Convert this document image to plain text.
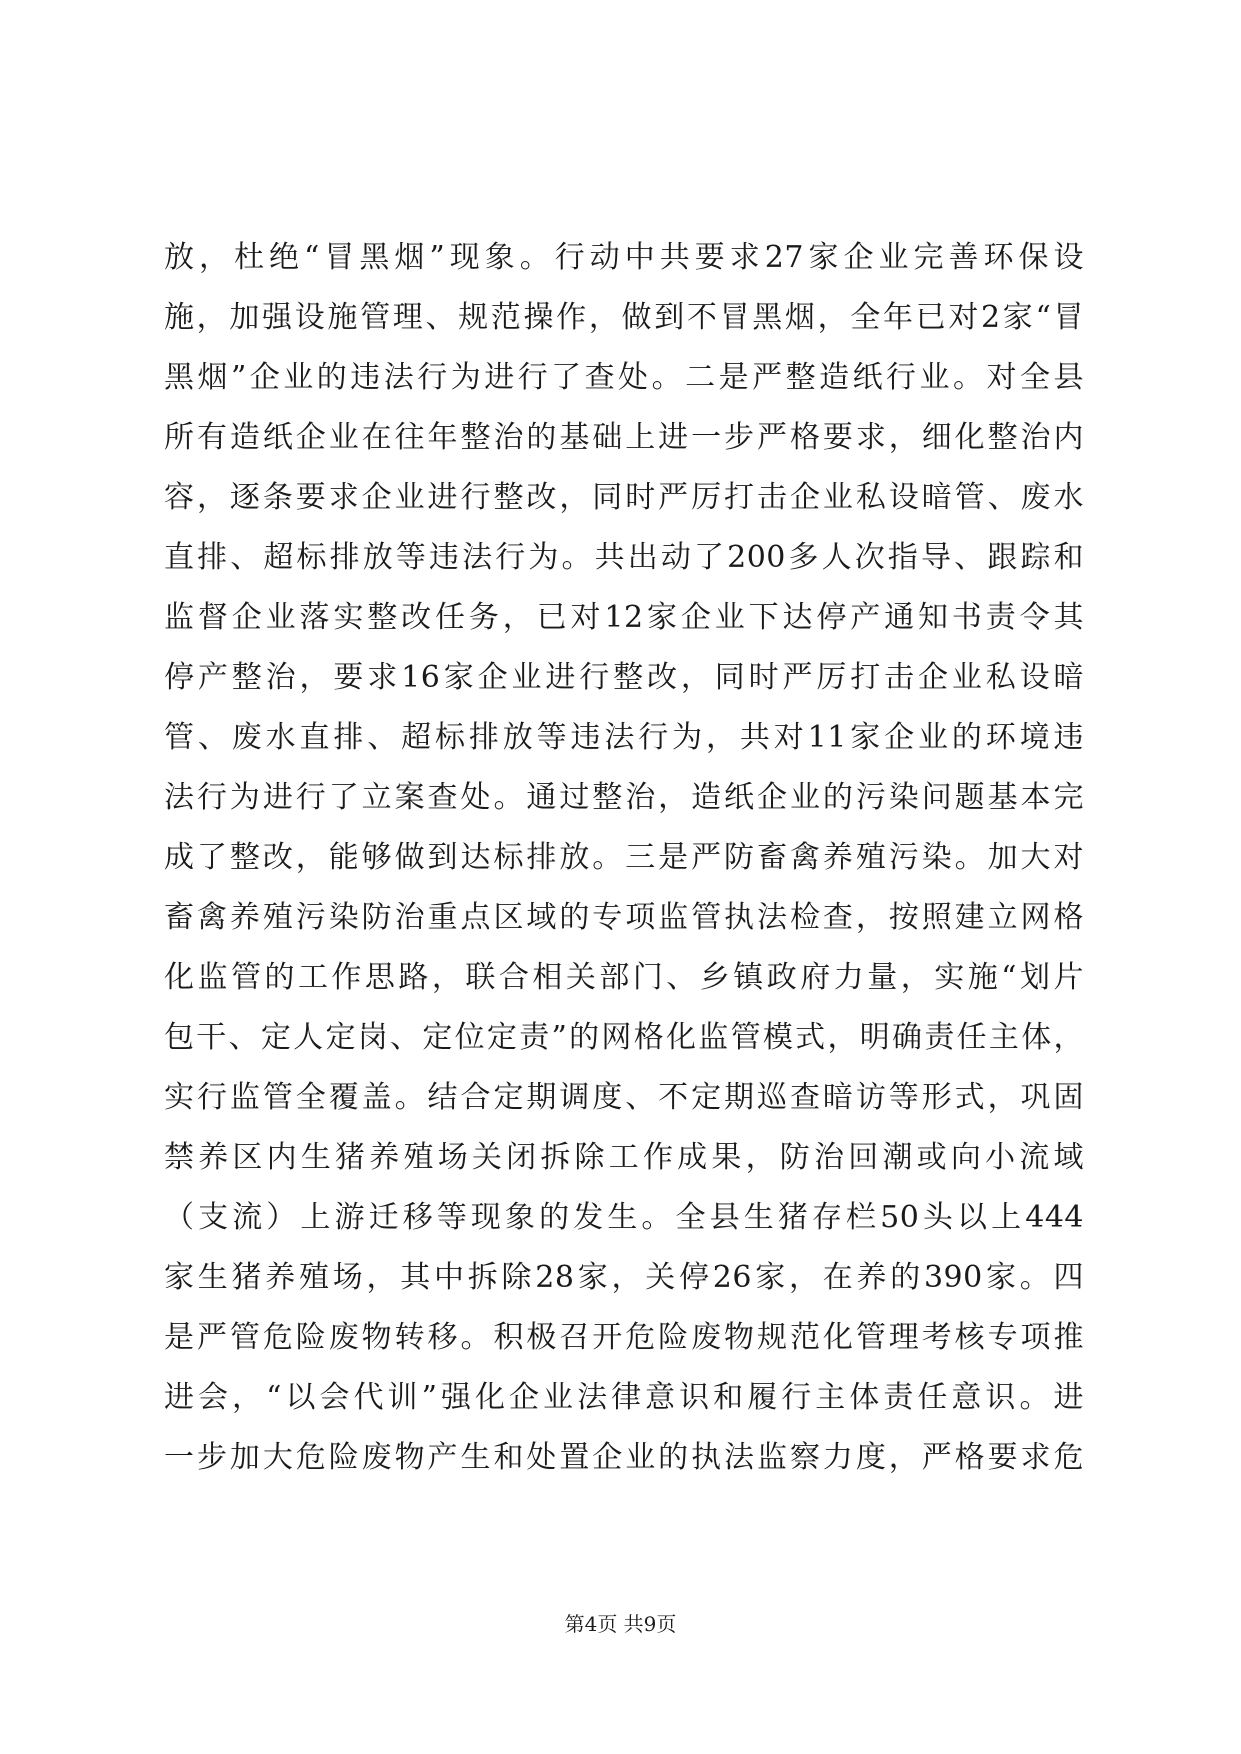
放，杜绝“冒黑烟”现象。行动中共要求27家企业完善环保设
施，加强设施管理、规范操作，做到不冒黑烟，全年已对2家“冒
黑烟”企业的违法行为进行了查处。二是严整造纸行业。对全县
所有造纸企业在往年整治的基础上进一步严格要求，细化整治内
容，逐条要求企业进行整改，同时严厉打击企业私设暗管、废水
直排、超标排放等违法行为。共出动了200多人次指导、跟踪和
监督企业落实整改任务，已对12家企业下达停产通知书责令其
停产整治，要求16家企业进行整改，同时严厉打击企业私设暗
管、废水直排、超标排放等违法行为，共对11家企业的环境违
法行为进行了立案查处。通过整治，造纸企业的污染问题基本完
成了整改，能够做到达标排放。三是严防畜禽养殖污染。加大对
畜禽养殖污染防治重点区域的专项监管执法检查，按照建立网格
化监管的工作思路，联合相关部门、乡镇政府力量，实施“划片
包干、定人定岗、定位定责”的网格化监管模式，明确责任主体，
实行监管全覆盖。结合定期调度、不定期巡查暗访等形式，巩固
禁养区内生猪养殖场关闭拆除工作成果，防治回潮或向小流域
（支流）上游迁移等现象的发生。全县生猪存栏50头以上444
家生猪养殖场，其中拆除28家，关停26家，在养的390家。四
是严管危险废物转移。积极召开危险废物规范化管理考核专项推
进会，“以会代训”强化企业法律意识和履行主体责任意识。进
一步加大危险废物产生和处置企业的执法监察力度，严格要求危
第4页 共9页
